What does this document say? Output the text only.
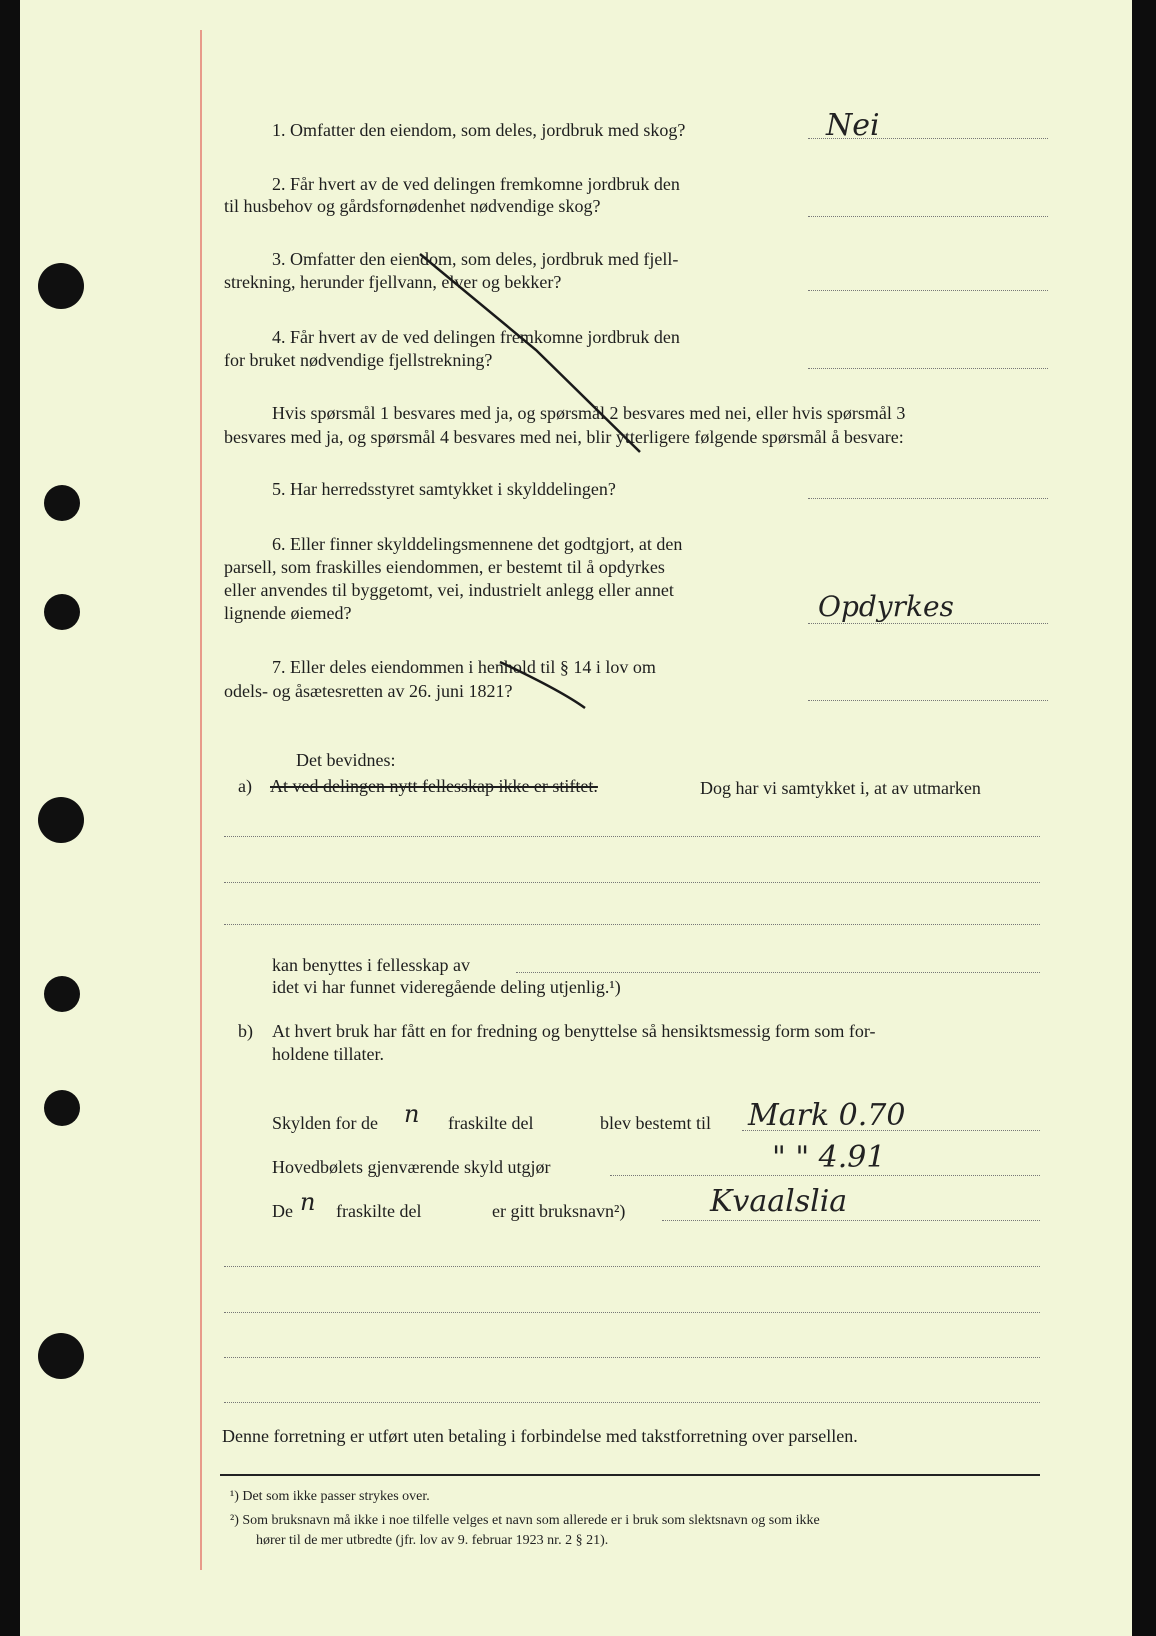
1. Omfatter den eiendom, som deles, jordbruk med skog?	Nei
2. Får hvert av de ved delingen fremkomne jordbruk den
til husbehov og gårdsfornødenhet nødvendige skog?
3. Omfatter den eiendom, som deles, jordbruk med fjell-
strekning, herunder fjellvann, elver og bekker?
4. Får hvert av de ved delingen fremkomne jordbruk den
for bruket nødvendige fjellstrekning?
Hvis spørsmål 1 besvares med ja, og spørsmål 2 besvares med nei, eller hvis spørsmål 3
besvares med ja, og spørsmål 4 besvares med nei, blir ytterligere følgende spørsmål å besvare:
5. Har herredsstyret samtykket i skylddelingen?
6. Eller finner skylddelingsmennene det godtgjort, at den
parsell, som fraskilles eiendommen, er bestemt til å opdyrkes
eller anvendes til byggetomt, vei, industrielt anlegg eller annet
lignende øiemed?	Opdyrkes
7. Eller deles eiendommen i henhold til § 14 i lov om
odels- og åsætesretten av 26. juni 1821?
Det bevidnes:
a) At ved delingen nytt fellesskap ikke er stiftet.	Dog har vi samtykket i, at av utmarken
kan benyttes i fellesskap av
idet vi har funnet videregående deling utjenlig.¹)
b) At hvert bruk har fått en for fredning og benyttelse så hensiktsmessig form som for-
holdene tillater.
Skylden for de n fraskilte del	blev bestemt til Mark 0.70
Hovedbølets gjenværende skyld utgjør	" " 4.91
De n fraskilte del	er gitt bruksnavn²)	Kvaalslia
Denne forretning er utført uten betaling i forbindelse med takstforretning over parsellen.
¹) Det som ikke passer strykes over.
²) Som bruksnavn må ikke i noe tilfelle velges et navn som allerede er i bruk som slektsnavn og som ikke
hører til de mer utbredte (jfr. lov av 9. februar 1923 nr. 2 § 21).
